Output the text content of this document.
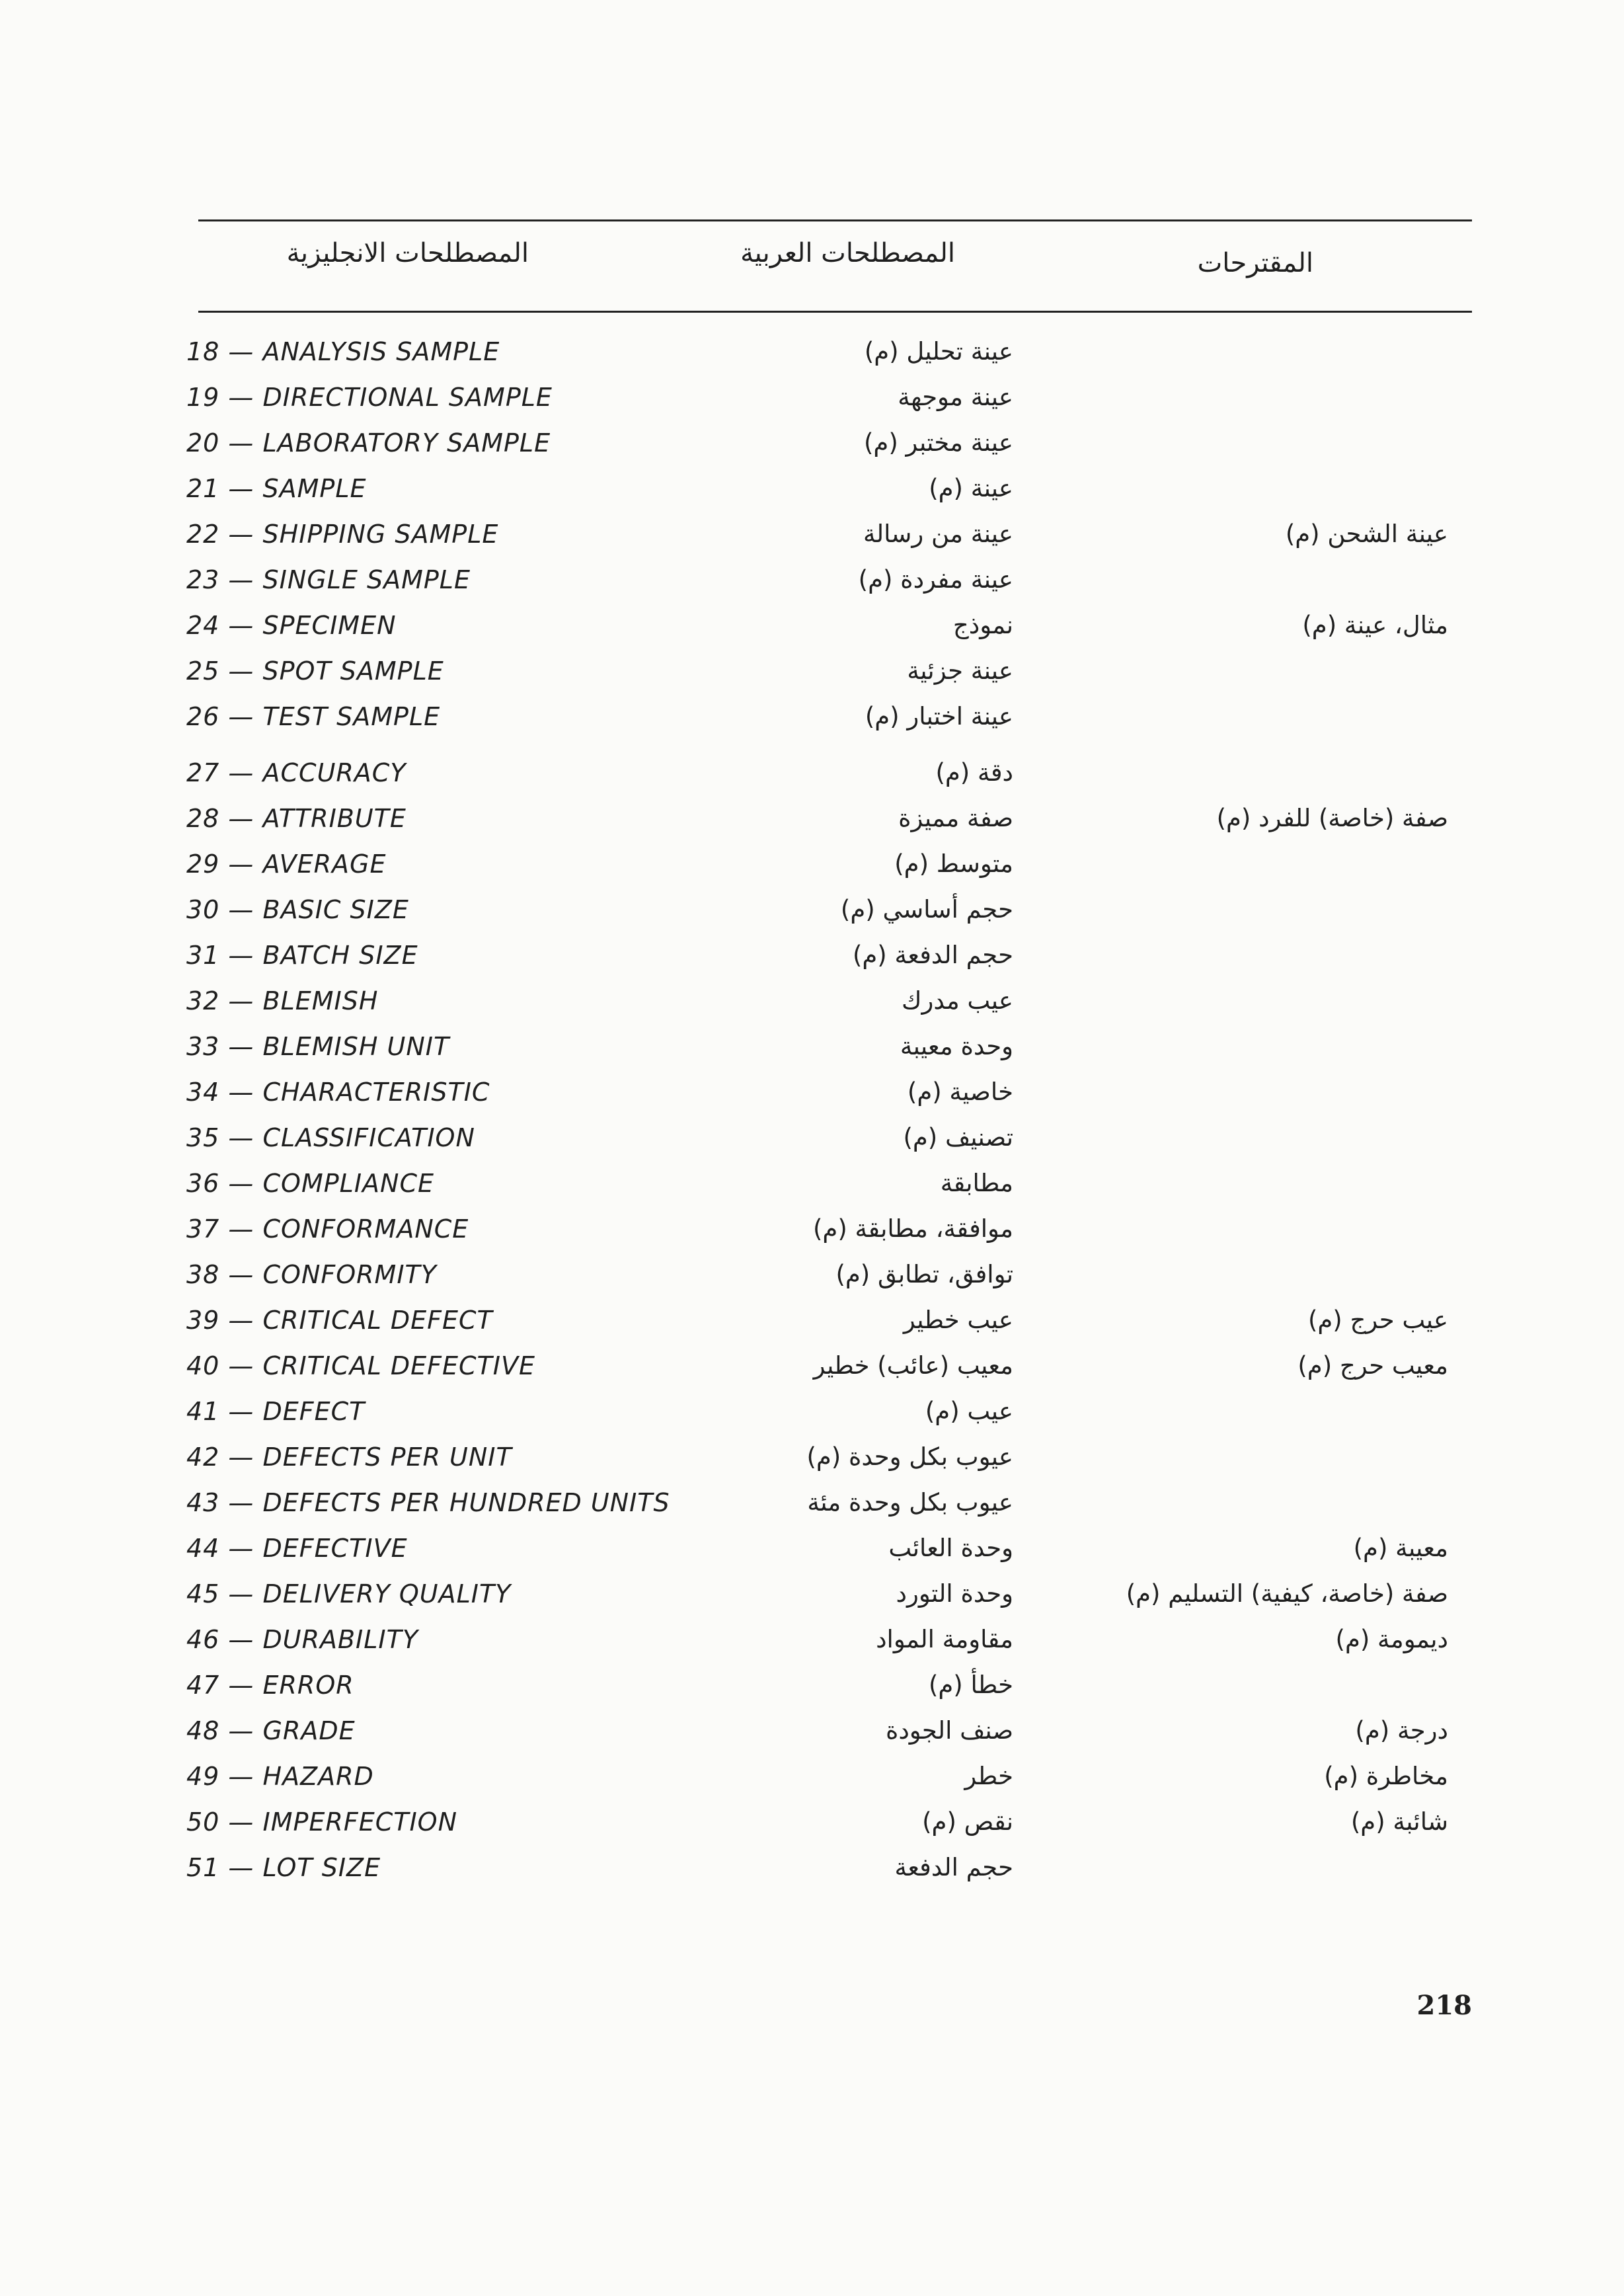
المصطلحات الانجليزية	المصطلحات العربية	المقترحات
18 — ANALYSIS SAMPLE	عينة تحليل (م)
19 — DIRECTIONAL SAMPLE	عينة موجهة
20 — LABORATORY SAMPLE	عينة مختبر (م)
21 — SAMPLE	عينة (م)
22 — SHIPPING SAMPLE	عينة من رسالة	عينة الشحن (م)
23 — SINGLE SAMPLE	عينة مفردة (م)
24 — SPECIMEN	نموذج	مثال، عينة (م)
25 — SPOT SAMPLE	عينة جزئية
26 — TEST SAMPLE	عينة اختبار (م)
27 — ACCURACY	دقة (م)
28 — ATTRIBUTE	صفة مميزة	صفة (خاصة) للفرد (م)
29 — AVERAGE	متوسط (م)
30 — BASIC SIZE	حجم أساسي (م)
31 — BATCH SIZE	حجم الدفعة (م)
32 — BLEMISH	عيب مدرك
33 — BLEMISH UNIT	وحدة معيبة
34 — CHARACTERISTIC	خاصية (م)
35 — CLASSIFICATION	تصنيف (م)
36 — COMPLIANCE	مطابقة
37 — CONFORMANCE	موافقة، مطابقة (م)
38 — CONFORMITY	توافق، تطابق (م)
39 — CRITICAL DEFECT	عيب خطير	عيب حرج (م)
40 — CRITICAL DEFECTIVE	معيب (عائب) خطير	معيب حرج (م)
41 — DEFECT	عيب (م)
42 — DEFECTS PER UNIT	عيوب بكل وحدة (م)
43 — DEFECTS PER HUNDRED UNITS	عيوب بكل وحدة مئة
44 — DEFECTIVE	وحدة العائب	معيبة (م)
45 — DELIVERY QUALITY	وحدة التورد	صفة (خاصة، كيفية) التسليم (م)
46 — DURABILITY	مقاومة المواد	ديمومة (م)
47 — ERROR	خطأ (م)
48 — GRADE	صنف الجودة	درجة (م)
49 — HAZARD	خطر	مخاطرة (م)
50 — IMPERFECTION	نقص (م)	شائبة (م)
51 — LOT SIZE	حجم الدفعة
218
